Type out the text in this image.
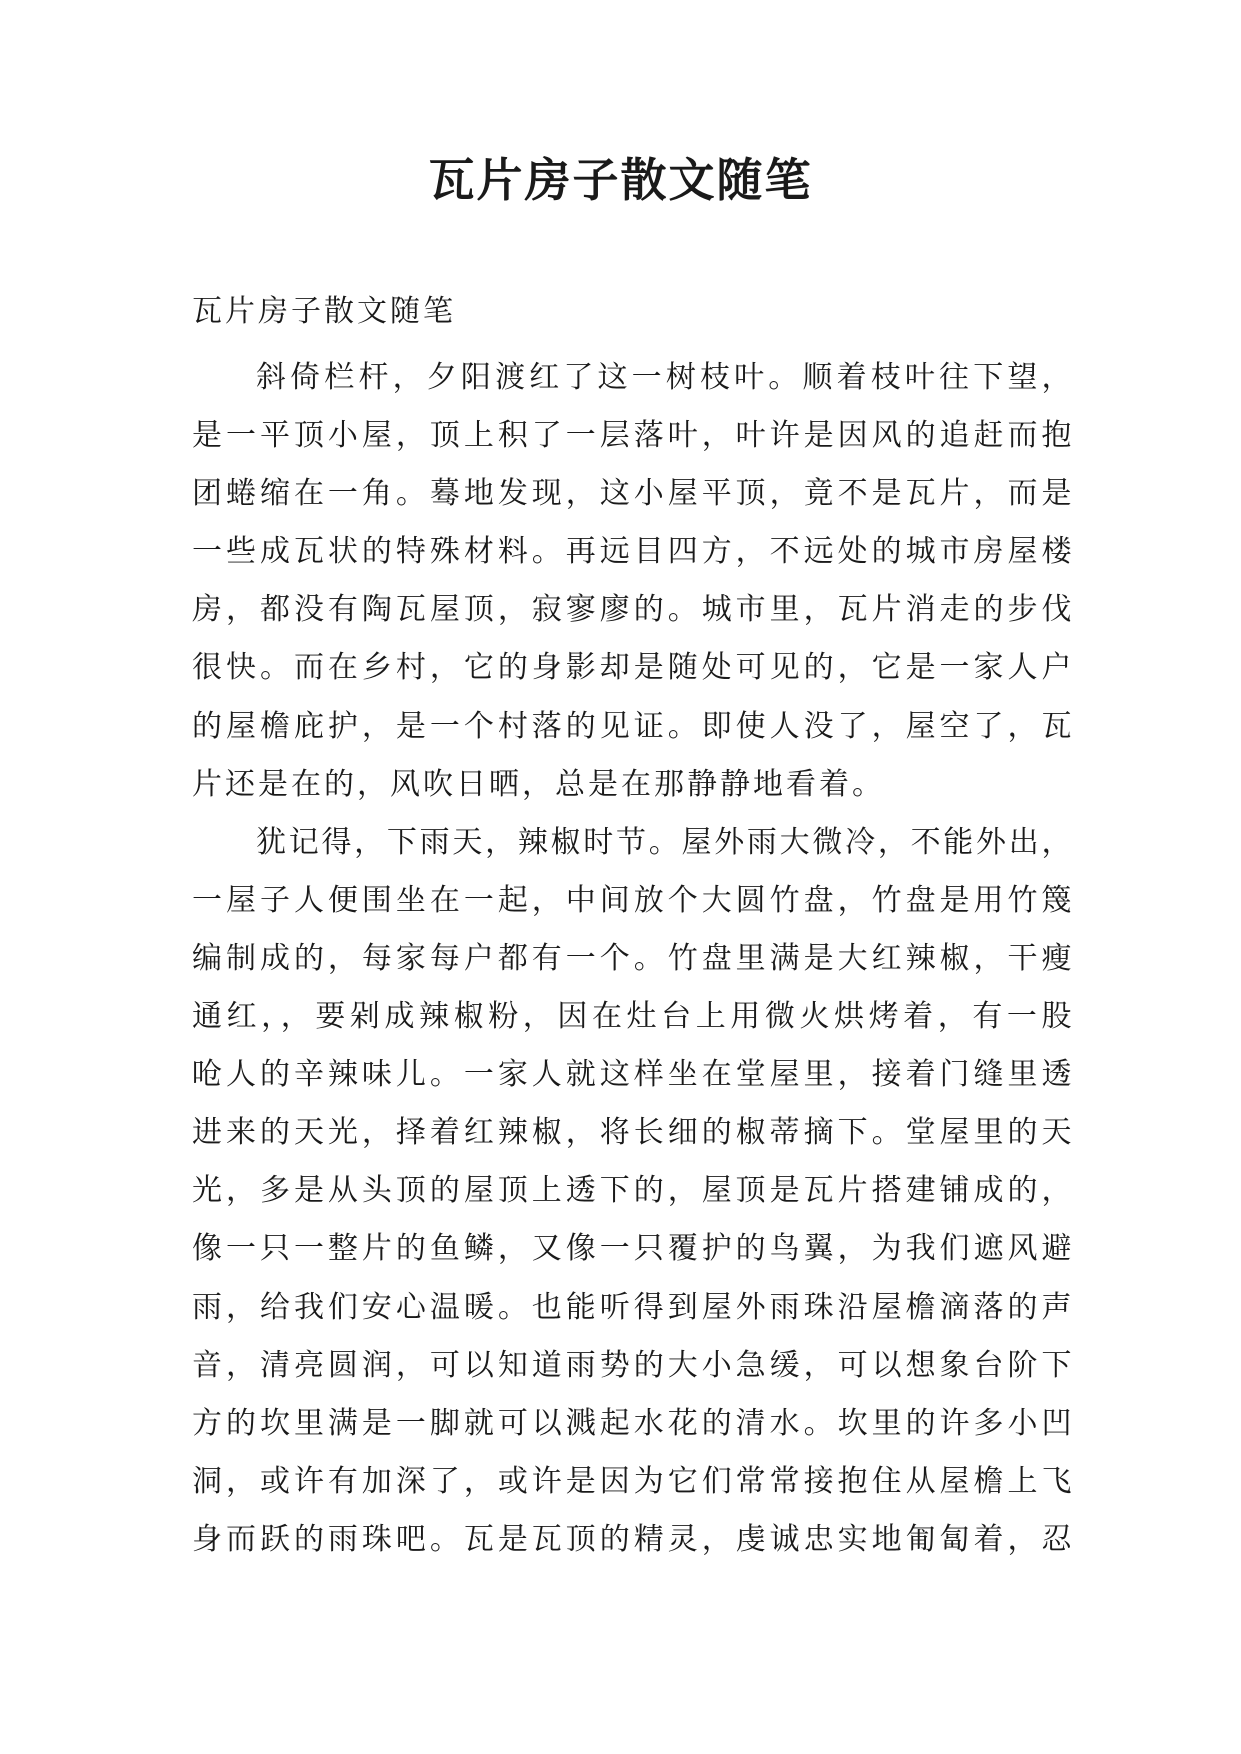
瓦片房子散文随笔

瓦片房子散文随笔

斜倚栏杆，夕阳渡红了这一树枝叶。顺着枝叶往下望，
是一平顶小屋，顶上积了一层落叶，叶许是因风的追赶而抱
团蜷缩在一角。蓦地发现，这小屋平顶，竟不是瓦片，而是
一些成瓦状的特殊材料。再远目四方，不远处的城市房屋楼
房，都没有陶瓦屋顶，寂寥廖的。城市里，瓦片消走的步伐
很快。而在乡村，它的身影却是随处可见的，它是一家人户
的屋檐庇护，是一个村落的见证。即使人没了，屋空了，瓦
片还是在的，风吹日晒，总是在那静静地看着。
犹记得，下雨天，辣椒时节。屋外雨大微冷，不能外出，
一屋子人便围坐在一起，中间放个大圆竹盘，竹盘是用竹篾
编制成的，每家每户都有一个。竹盘里满是大红辣椒，干瘦
通红，，要剁成辣椒粉，因在灶台上用微火烘烤着，有一股
呛人的辛辣味儿。一家人就这样坐在堂屋里，接着门缝里透
进来的天光，择着红辣椒，将长细的椒蒂摘下。堂屋里的天
光，多是从头顶的屋顶上透下的，屋顶是瓦片搭建铺成的，
像一只一整片的鱼鳞，又像一只覆护的鸟翼，为我们遮风避
雨，给我们安心温暖。也能听得到屋外雨珠沿屋檐滴落的声
音，清亮圆润，可以知道雨势的大小急缓，可以想象台阶下
方的坎里满是一脚就可以溅起水花的清水。坎里的许多小凹
洞，或许有加深了，或许是因为它们常常接抱住从屋檐上飞
身而跃的雨珠吧。瓦是瓦顶的精灵，虔诚忠实地匍匐着，忍
